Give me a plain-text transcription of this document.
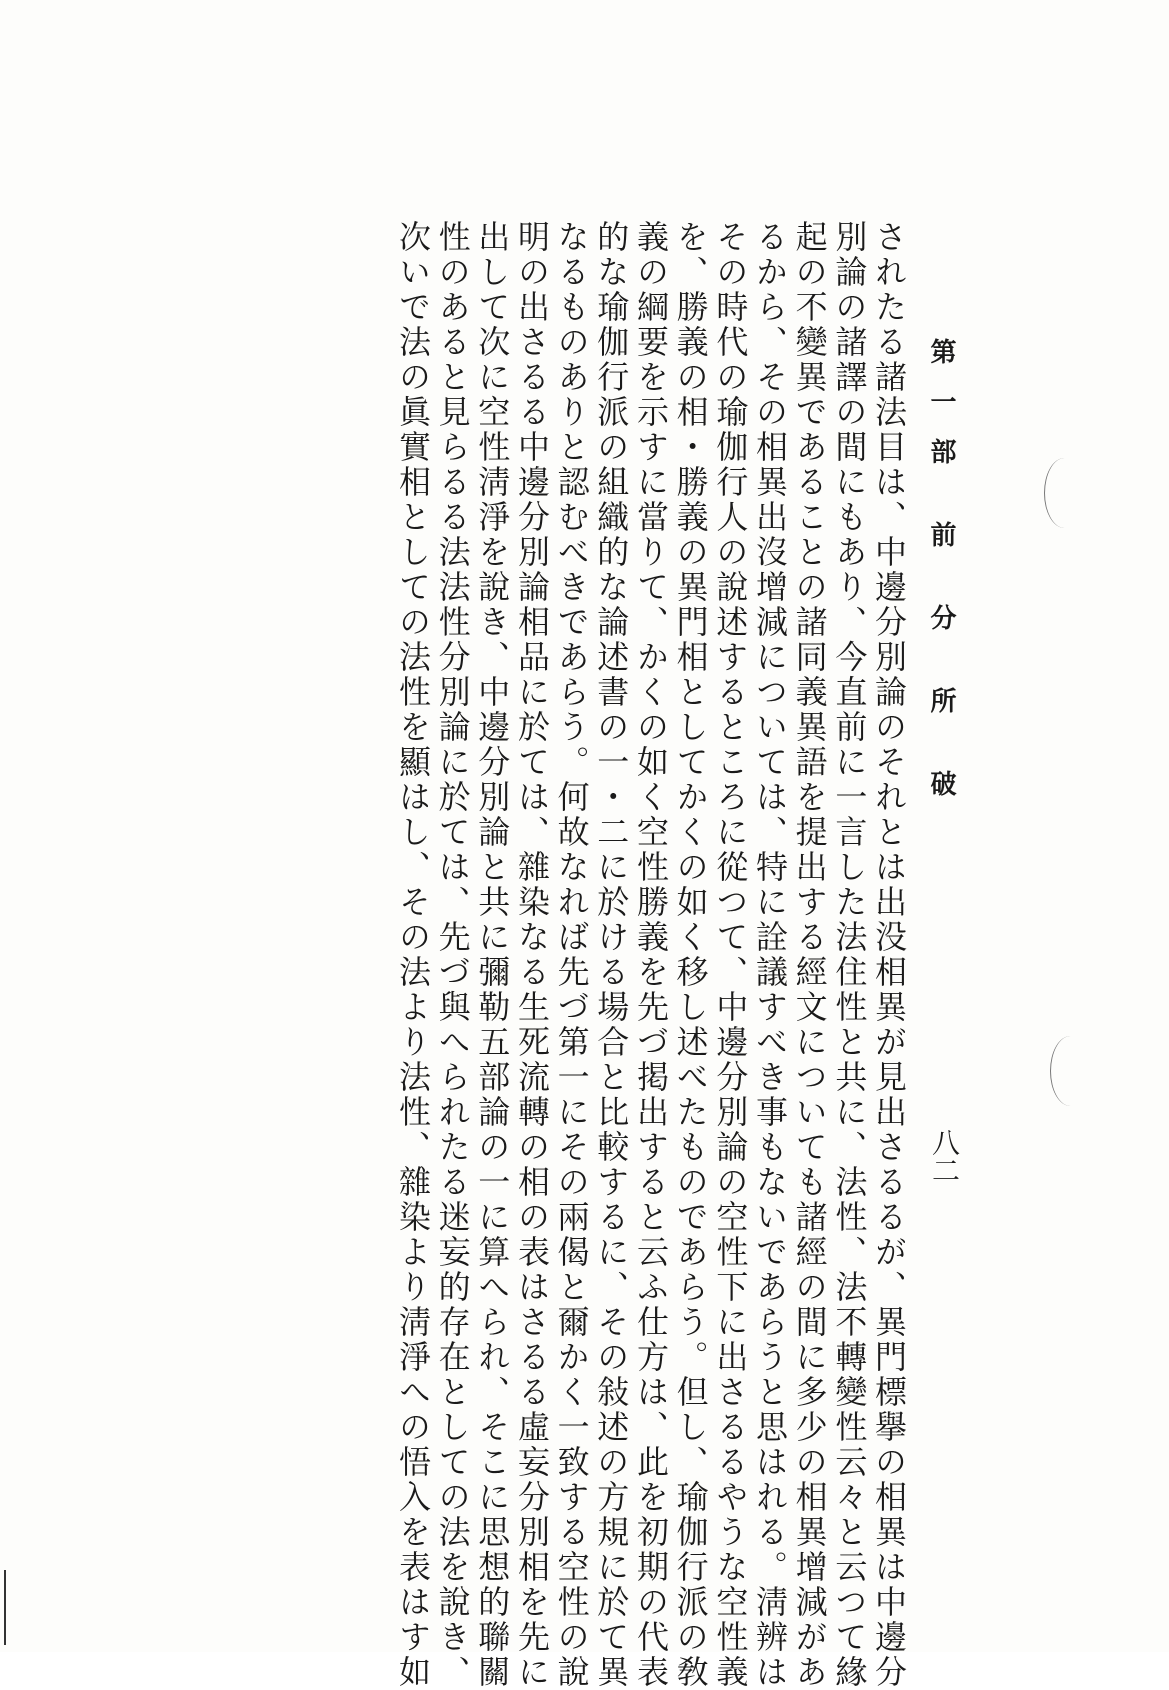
第一部 前 分 所 破
八二
されたる諸法目は、中邊分別論のそれとは出没相異が見出さるるが、異門標擧の相異は中邊分
別論の諸譯の間にもあり、今直前に一言した法住性と共に、法性、法不轉變性云々と云つて緣
起の不變異であることの諸同義異語を提出する經文についても諸經の間に多少の相異增減があ
るから、その相異出沒增減については、特に詮議すべき事もないであらうと思はれる。淸辨は
その時代の瑜伽行人の說述するところに從つて、中邊分別論の空性下に出さるるやうな空性義
を、勝義の相・勝義の異門相としてかくの如く移し述べたものであらう。但し、瑜伽行派の敎
義の綱要を示すに當りて、かくの如く空性勝義を先づ掲出すると云ふ仕方は、此を初期の代表
的な瑜伽行派の組織的な論述書の一・二に於ける場合と比較するに、その敍述の方規に於て異
なるものありと認むべきであらう。何故なれば先づ第一にその兩偈と爾かく一致する空性の說
明の出さるる中邊分別論相品に於ては、雜染なる生死流轉の相の表はさるる虛妄分別相を先に
出して次に空性淸淨を說き、中邊分別論と共に彌勒五部論の一に算へられ、そこに思想的聯關
性のあると見らるる法法性分別論に於ては、先づ與へられたる迷妄的存在としての法を說き、
次いで法の眞實相としての法性を顯はし、その法より法性、雜染より淸淨への悟入を表はす如
